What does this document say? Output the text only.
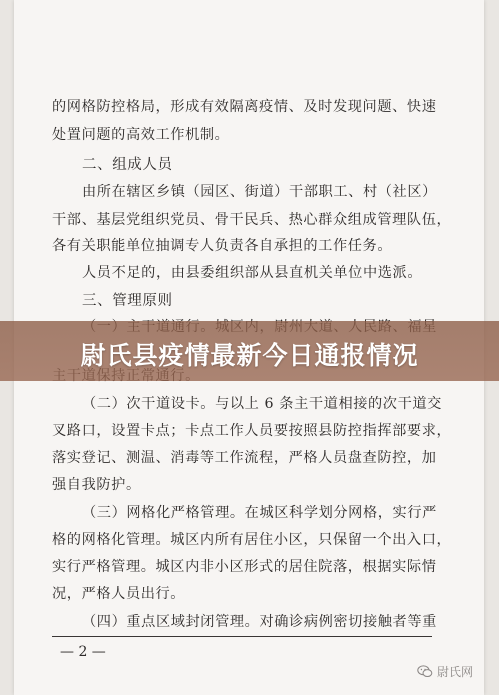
的网格防控格局，形成有效隔离疫情、及时发现问题、快速
处置问题的高效工作机制。
二、组成人员
由所在辖区乡镇（园区、街道）干部职工、村（社区）
干部、基层党组织党员、骨干民兵、热心群众组成管理队伍，
各有关职能单位抽调专人负责各自承担的工作任务。
人员不足的，由县委组织部从县直机关单位中选派。
三、管理原则
（二）次干道设卡。与以上 6 条主干道相接的次干道交
叉路口，设置卡点；卡点工作人员要按照县防控指挥部要求，
落实登记、测温、消毒等工作流程，严格人员盘查防控，加
强自我防护。
（三）网格化严格管理。在城区科学划分网格，实行严
格的网格化管理。城区内所有居住小区，只保留一个出入口，
实行严格管理。城区内非小区形式的居住院落，根据实际情
况，严格人员出行。
（四）重点区域封闭管理。对确诊病例密切接触者等重
— 2 —
尉氏县疫情最新今日通报情况
尉氏网
